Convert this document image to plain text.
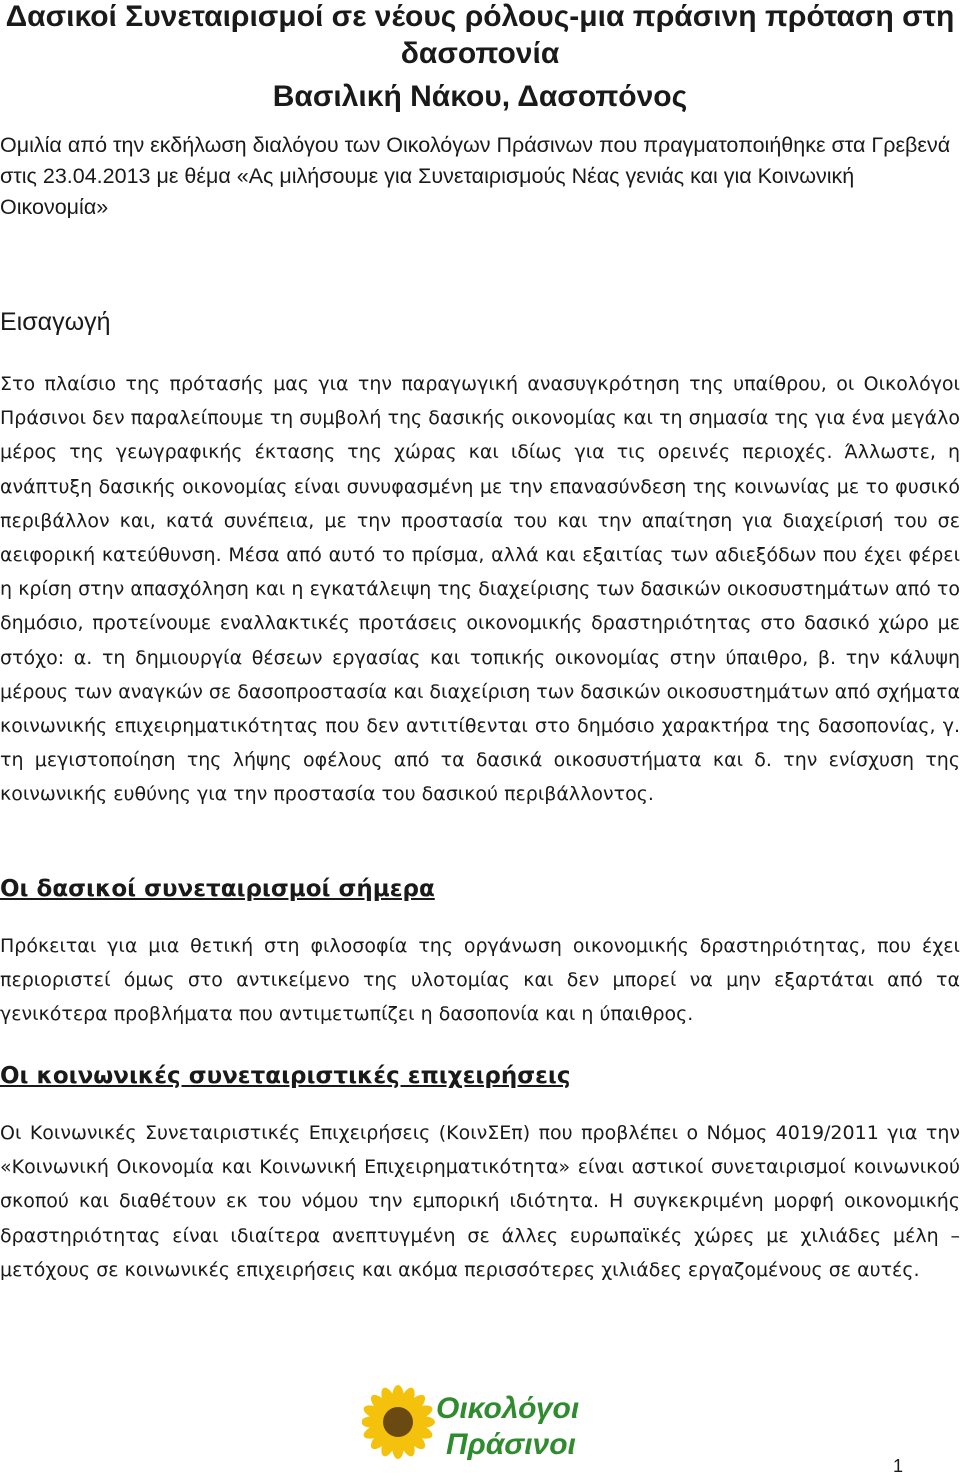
Δασικοί Συνεταιρισμοί σε νέους ρόλους-μια πράσινη πρόταση στη

δασοπονία

Βασιλική Νάκου, Δασοπόνος

Ομιλία από την εκδήλωση διαλόγου των Οικολόγων Πράσινων που πραγματοποιήθηκε στα Γρεβενά στις 23.04.2013 με θέμα «Ας μιλήσουμε για Συνεταιρισμούς Νέας γενιάς και για Κοινωνική Οικονομία»

Εισαγωγή

Στο πλαίσιο της πρότασής μας για την παραγωγική ανασυγκρότηση της υπαίθρου, οι Οικολόγοι Πράσινοι δεν παραλείπουμε τη συμβολή της δασικής οικονομίας και τη σημασία της για ένα μεγάλο μέρος της γεωγραφικής έκτασης της χώρας και ιδίως για τις ορεινές περιοχές. Άλλωστε, η ανάπτυξη δασικής οικονομίας είναι συνυφασμένη με την επανασύνδεση της κοινωνίας με το φυσικό περιβάλλον και, κατά συνέπεια, με την προστασία του και την απαίτηση για διαχείρισή του σε αειφορική κατεύθυνση. Μέσα από αυτό το πρίσμα, αλλά και εξαιτίας των αδιεξόδων που έχει φέρει η κρίση στην απασχόληση και η εγκατάλειψη της διαχείρισης των δασικών οικοσυστημάτων από το δημόσιο, προτείνουμε εναλλακτικές προτάσεις οικονομικής δραστηριότητας στο δασικό χώρο με στόχο: α. τη δημιουργία θέσεων εργασίας και τοπικής οικονομίας στην ύπαιθρο, β. την κάλυψη μέρους των αναγκών σε δασοπροστασία και διαχείριση των δασικών οικοσυστημάτων από σχήματα κοινωνικής επιχειρηματικότητας που δεν αντιτίθενται στο δημόσιο χαρακτήρα της δασοπονίας, γ. τη μεγιστοποίηση της λήψης οφέλους από τα δασικά οικοσυστήματα και δ. την ενίσχυση της κοινωνικής ευθύνης για την προστασία του δασικού περιβάλλοντος.

Οι δασικοί συνεταιρισμοί σήμερα

Πρόκειται για μια θετική στη φιλοσοφία της οργάνωση οικονομικής δραστηριότητας, που έχει περιοριστεί όμως στο αντικείμενο της υλοτομίας και δεν μπορεί να μην εξαρτάται από τα γενικότερα προβλήματα που αντιμετωπίζει η δασοπονία και η ύπαιθρος.

Οι κοινωνικές συνεταιριστικές επιχειρήσεις

Οι Κοινωνικές Συνεταιριστικές Επιχειρήσεις (ΚοινΣΕπ) που προβλέπει ο Νόμος 4019/2011 για την «Κοινωνική Οικονομία και Κοινωνική Επιχειρηματικότητα» είναι αστικοί συνεταιρισμοί κοινωνικού σκοπού και διαθέτουν εκ του νόμου την εμπορική ιδιότητα. Η συγκεκριμένη μορφή οικονομικής δραστηριότητας είναι ιδιαίτερα ανεπτυγμένη σε άλλες ευρωπαϊκές χώρες με χιλιάδες μέλη – μετόχους σε κοινωνικές επιχειρήσεις και ακόμα περισσότερες χιλιάδες εργαζομένους σε αυτές.

Οικολόγοι
Πράσινοι

1
